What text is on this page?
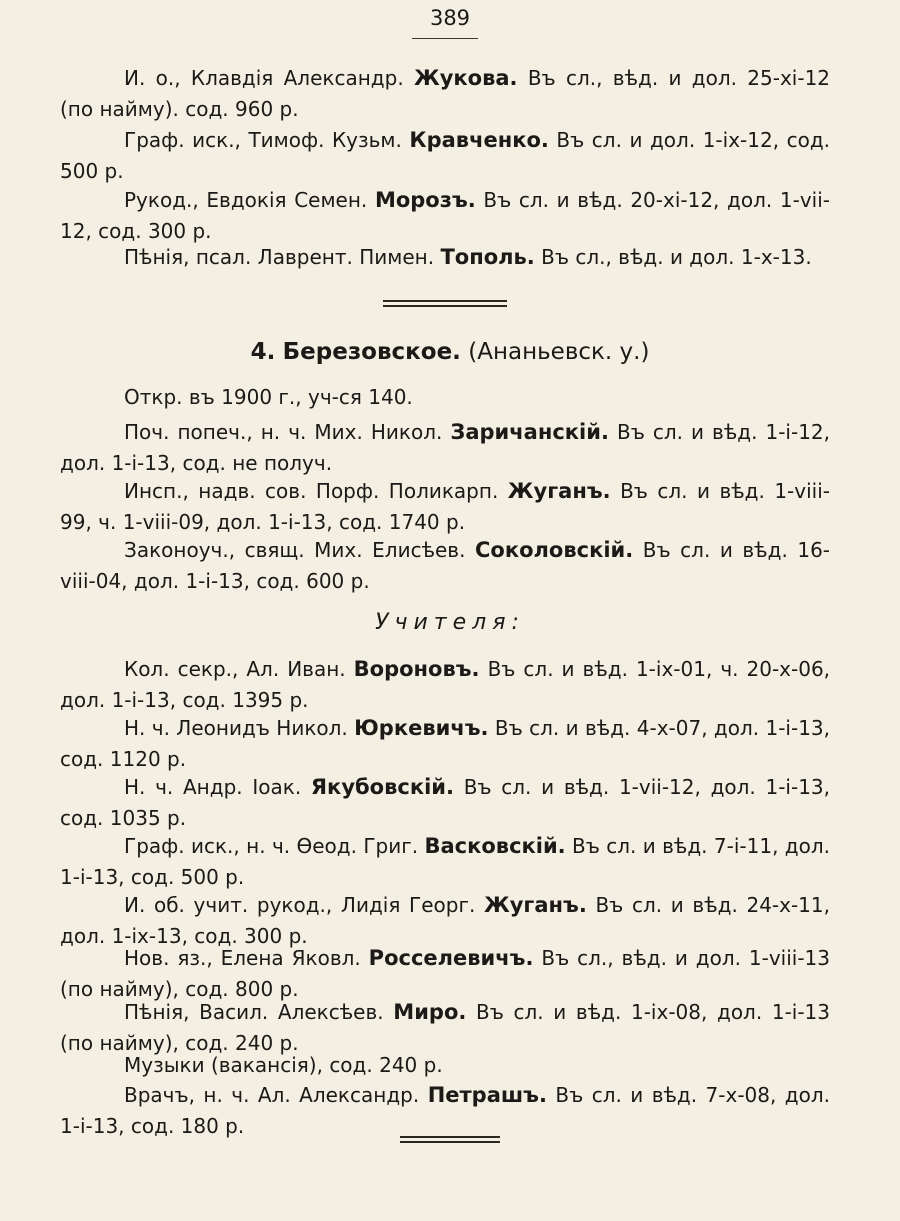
389
И. о., Клавдія Александр. Жукова. Въ сл., вѣд. и дол. 25-xi-12 (по найму). сод. 960 р.
Граф. иск., Тимоф. Кузьм. Кравченко. Въ сл. и дол. 1-ix-12, сод. 500 р.
Рукод., Евдокія Семен. Морозъ. Въ сл. и вѣд. 20-xi-12, дол. 1-vii-12, сод. 300 р.
Пѣнія, псал. Лаврент. Пимен. Тополь. Въ сл., вѣд. и дол. 1-x-13.
4. Березовское. (Ананьевск. у.)
Откр. въ 1900 г., уч-ся 140.
Поч. попеч., н. ч. Мих. Никол. Заричанскій. Въ сл. и вѣд. 1-i-12, дол. 1-i-13, сод. не получ.
Инсп., надв. сов. Порф. Поликарп. Жуганъ. Въ сл. и вѣд. 1-viii-99, ч. 1-viii-09, дол. 1-i-13, сод. 1740 р.
Законоуч., свящ. Мих. Елисѣев. Соколовскій. Въ сл. и вѣд. 16-viii-04, дол. 1-i-13, сод. 600 р.
Учителя:
Кол. секр., Ал. Иван. Вороновъ. Въ сл. и вѣд. 1-ix-01, ч. 20-x-06, дол. 1-i-13, сод. 1395 р.
Н. ч. Леонидъ Никол. Юркевичъ. Въ сл. и вѣд. 4-x-07, дол. 1-i-13, сод. 1120 р.
Н. ч. Андр. Іоак. Якубовскій. Въ сл. и вѣд. 1-vii-12, дол. 1-i-13, сод. 1035 р.
Граф. иск., н. ч. Ѳеод. Григ. Васковскій. Въ сл. и вѣд. 7-i-11, дол. 1-i-13, сод. 500 р.
И. об. учит. рукод., Лидія Георг. Жуганъ. Въ сл. и вѣд. 24-x-11, дол. 1-ix-13, сод. 300 р.
Нов. яз., Елена Яковл. Росселевичъ. Въ сл., вѣд. и дол. 1-viii-13 (по найму), сод. 800 р.
Пѣнія, Васил. Алексѣев. Миро. Въ сл. и вѣд. 1-ix-08, дол. 1-i-13 (по найму), сод. 240 р.
Музыки (вакансія), сод. 240 р.
Врачъ, н. ч. Ал. Александр. Петрашъ. Въ сл. и вѣд. 7-x-08, дол. 1-i-13, сод. 180 р.
